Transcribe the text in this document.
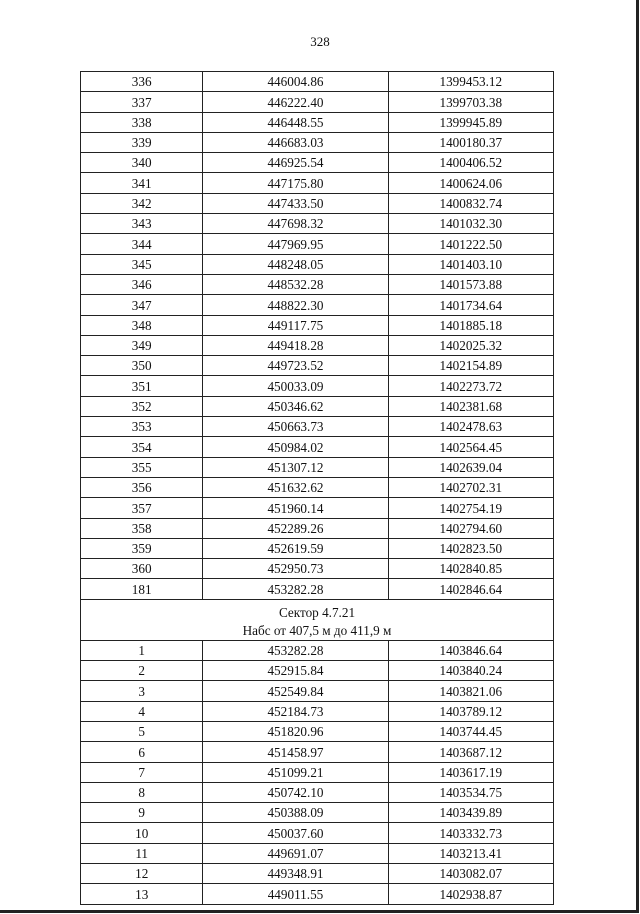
328
336	446004.86	1399453.12
337	446222.40	1399703.38
338	446448.55	1399945.89
339	446683.03	1400180.37
340	446925.54	1400406.52
341	447175.80	1400624.06
342	447433.50	1400832.74
343	447698.32	1401032.30
344	447969.95	1401222.50
345	448248.05	1401403.10
346	448532.28	1401573.88
347	448822.30	1401734.64
348	449117.75	1401885.18
349	449418.28	1402025.32
350	449723.52	1402154.89
351	450033.09	1402273.72
352	450346.62	1402381.68
353	450663.73	1402478.63
354	450984.02	1402564.45
355	451307.12	1402639.04
356	451632.62	1402702.31
357	451960.14	1402754.19
358	452289.26	1402794.60
359	452619.59	1402823.50
360	452950.73	1402840.85
181	453282.28	1402846.64

Сектор 4.7.21
Набс от 407,5 м до 411,9 м		

1	453282.28	1403846.64
2	452915.84	1403840.24
3	452549.84	1403821.06
4	452184.73	1403789.12
5	451820.96	1403744.45
6	451458.97	1403687.12
7	451099.21	1403617.19
8	450742.10	1403534.75
9	450388.09	1403439.89
10	450037.60	1403332.73
11	449691.07	1403213.41
12	449348.91	1403082.07
13	449011.55	1402938.87
